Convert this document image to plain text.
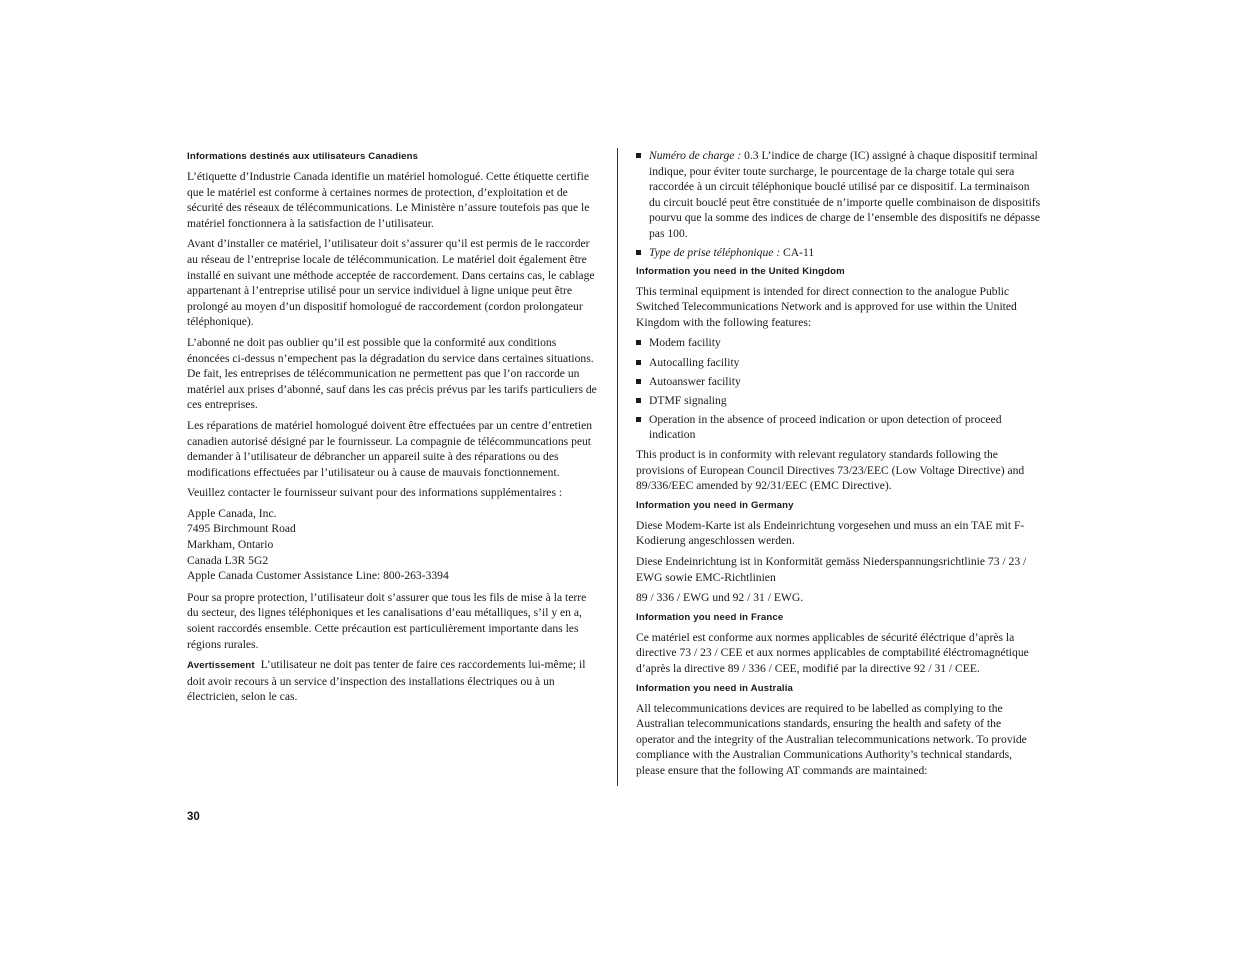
Informations destinés aux utilisateurs Canadiens

L’étiquette d’Industrie Canada identifie un matériel homologué. Cette étiquette certifie que le matériel est conforme à certaines normes de protection, d’exploitation et de sécurité des réseaux de télécommunications. Le Ministère n’assure toutefois pas que le matériel fonctionnera à la satisfaction de l’utilisateur.

Avant d’installer ce matériel, l’utilisateur doit s’assurer qu’il est permis de le raccorder au réseau de l’entreprise locale de télécommunication. Le matériel doit également être installé en suivant une méthode acceptée de raccordement. Dans certains cas, le cablage appartenant à l’entreprise utilisé pour un service individuel à ligne unique peut être prolongé au moyen d’un dispositif homologué de raccordement (cordon prolongateur téléphonique).

L’abonné ne doit pas oublier qu’il est possible que la conformité aux conditions énoncées ci-dessus n’empechent pas la dégradation du service dans certaines situations. De fait, les entreprises de télécommunication ne permettent pas que l’on raccorde un matériel aux prises d’abonné, sauf dans les cas précis prévus par les tarifs particuliers de ces entreprises.

Les réparations de matériel homologué doivent être effectuées par un centre d’entretien canadien autorisé désigné par le fournisseur. La compagnie de télécommuncations peut demander à l’utilisateur de débrancher un appareil suite à des réparations ou des modifications effectuées par l’utilisateur ou à cause de mauvais fonctionnement.

Veuillez contacter le fournisseur suivant pour des informations supplémentaires :

Apple Canada, Inc.
7495 Birchmount Road
Markham, Ontario
Canada L3R 5G2
Apple Canada Customer Assistance Line: 800-263-3394

Pour sa propre protection, l’utilisateur doit s’assurer que tous les fils de mise à la terre du secteur, des lignes téléphoniques et les canalisations d’eau métalliques, s’il y en a, soient raccordés ensemble. Cette précaution est particulièrement importante dans les régions rurales.

Avertissement L’utilisateur ne doit pas tenter de faire ces raccordements lui-même; il doit avoir recours à un service d’inspection des installations électriques ou à un électricien, selon le cas.

Numéro de charge : 0.3 L’indice de charge (IC) assigné à chaque dispositif terminal indique, pour éviter toute surcharge, le pourcentage de la charge totale qui sera raccordée à un circuit téléphonique bouclé utilisé par ce dispositif. La terminaison du circuit bouclé peut être constituée de n’importe quelle combinaison de dispositifs pourvu que la somme des indices de charge de l’ensemble des dispositifs ne dépasse pas 100.
Type de prise téléphonique : CA-11
Information you need in the United Kingdom

This terminal equipment is intended for direct connection to the analogue Public Switched Telecommunications Network and is approved for use within the United Kingdom with the following features:

Modem facility
Autocalling facility
Autoanswer facility
DTMF signaling
Operation in the absence of proceed indication or upon detection of proceed indication

This product is in conformity with relevant regulatory standards following the provisions of European Council Directives 73/23/EEC (Low Voltage Directive) and 89/336/EEC amended by 92/31/EEC (EMC Directive).

Information you need in Germany

Diese Modem-Karte ist als Endeinrichtung vorgesehen und muss an ein TAE mit F-Kodierung angeschlossen werden.

Diese Endeinrichtung ist in Konformität gemäss Niederspannungsrichtlinie 73 / 23 / EWG sowie EMC-Richtlinien

89 / 336 / EWG und 92 / 31 / EWG.

Information you need in France

Ce matériel est conforme aux normes applicables de sécurité éléctrique d’après la directive 73 / 23 / CEE et aux normes applicables de comptabilité éléctromagnétique d’après la directive 89 / 336 / CEE, modifié par la directive 92 / 31 / CEE.

Information you need in Australia

All telecommunications devices are required to be labelled as complying to the Australian telecommunications standards, ensuring the health and safety of the operator and the integrity of the Australian telecommunications network. To provide compliance with the Australian Communications Authority’s technical standards, please ensure that the following AT commands are maintained:

30
